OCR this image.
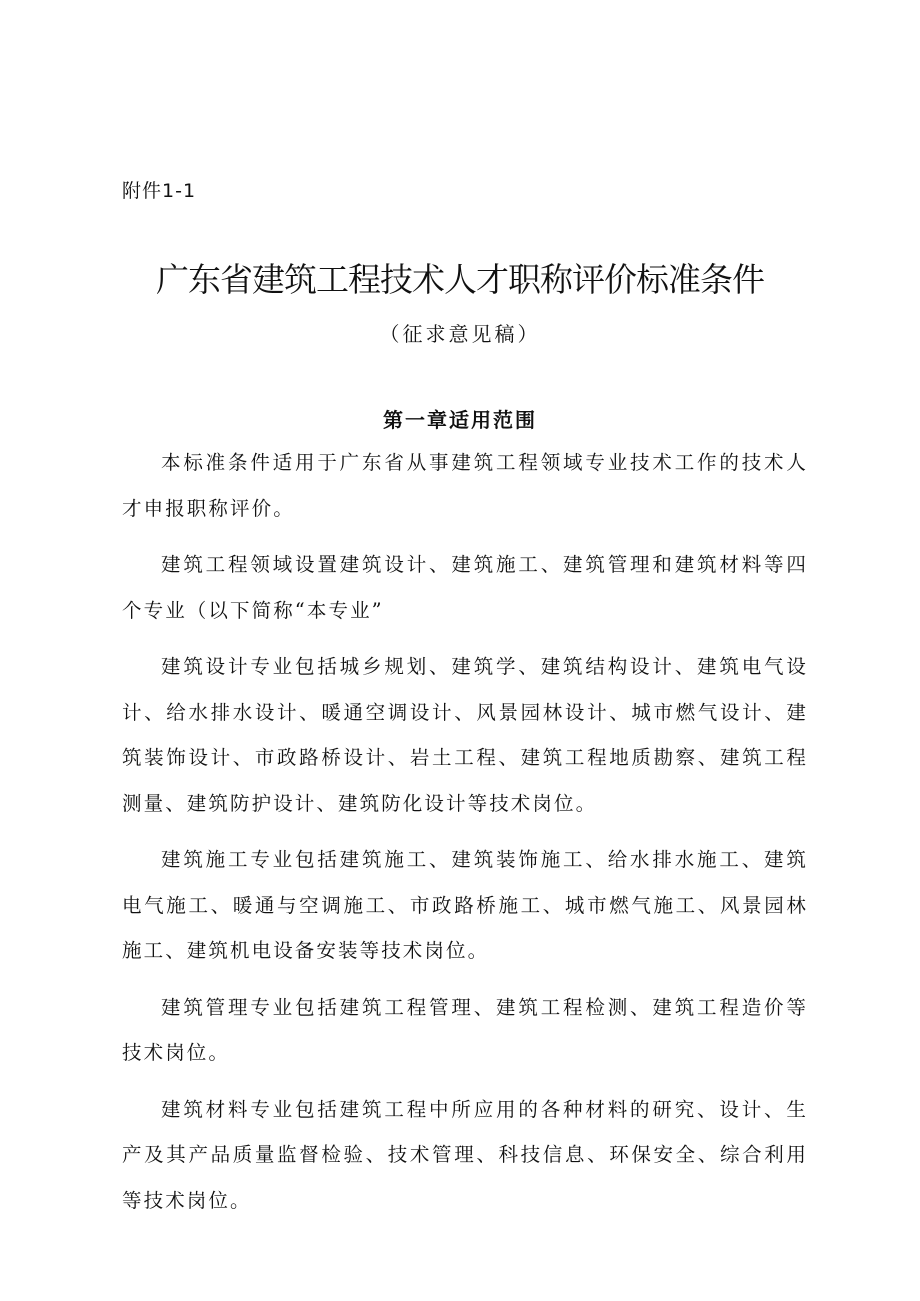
附件1-1

广东省建筑工程技术人才职称评价标准条件

（征求意见稿）

第一章适用范围

本标准条件适用于广东省从事建筑工程领域专业技术工作的技术人才申报职称评价。

建筑工程领域设置建筑设计、建筑施工、建筑管理和建筑材料等四个专业（以下简称“本专业”

建筑设计专业包括城乡规划、建筑学、建筑结构设计、建筑电气设计、给水排水设计、暖通空调设计、风景园林设计、城市燃气设计、建筑装饰设计、市政路桥设计、岩土工程、建筑工程地质勘察、建筑工程测量、建筑防护设计、建筑防化设计等技术岗位。

建筑施工专业包括建筑施工、建筑装饰施工、给水排水施工、建筑电气施工、暖通与空调施工、市政路桥施工、城市燃气施工、风景园林施工、建筑机电设备安装等技术岗位。

建筑管理专业包括建筑工程管理、建筑工程检测、建筑工程造价等技术岗位。

建筑材料专业包括建筑工程中所应用的各种材料的研究、设计、生产及其产品质量监督检验、技术管理、科技信息、环保安全、综合利用等技术岗位。
